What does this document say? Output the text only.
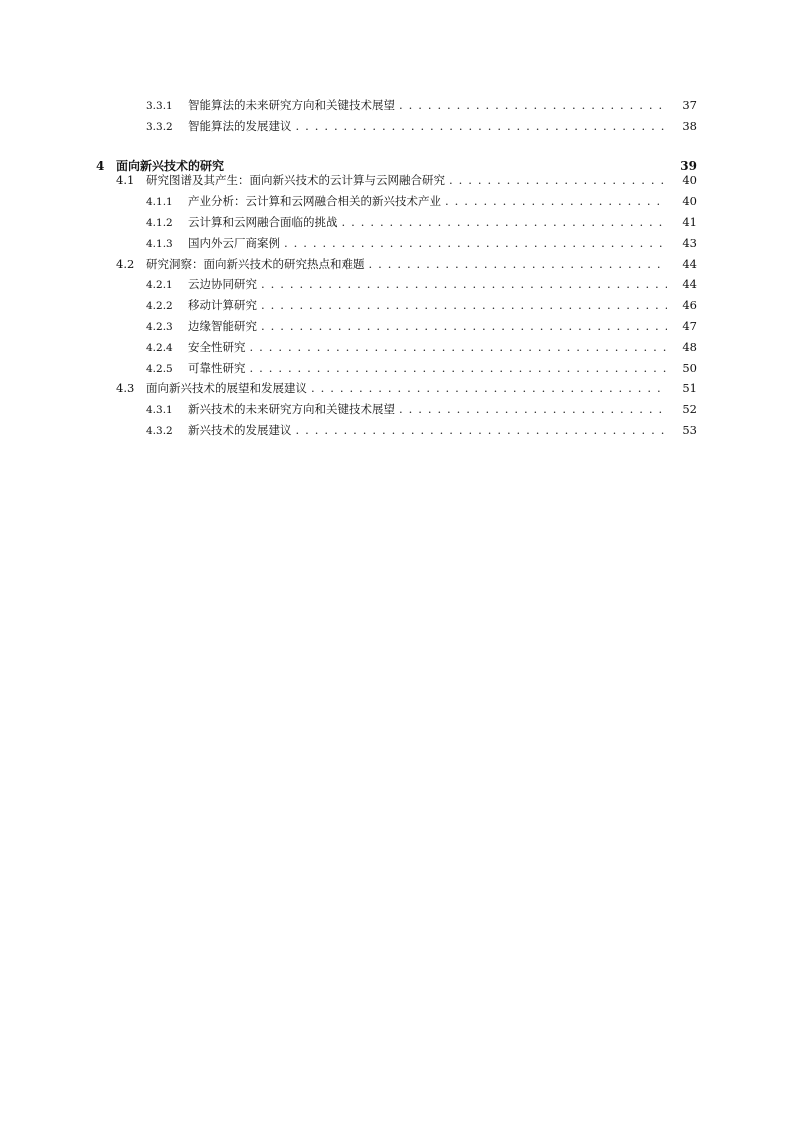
3.3.1	智能算法的未来研究方向和关键技术展望 . . .	37
3.3.2	智能算法的发展建议 . . .	38
4 面向新兴技术的研究	39
4.1	研究图谱及其产生：面向新兴技术的云计算与云网融合研究 . . .	40
4.1.1	产业分析：云计算和云网融合相关的新兴技术产业 . . .	40
4.1.2	云计算和云网融合面临的挑战 . . .	41
4.1.3	国内外云厂商案例 . . .	43
4.2	研究洞察：面向新兴技术的研究热点和难题 . . .	44
4.2.1	云边协同研究 . . .	44
4.2.2	移动计算研究 . . .	46
4.2.3	边缘智能研究 . . .	47
4.2.4	安全性研究 . . .	48
4.2.5	可靠性研究 . . .	50
4.3	面向新兴技术的展望和发展建议 . . .	51
4.3.1	新兴技术的未来研究方向和关键技术展望 . . .	52
4.3.2	新兴技术的发展建议 . . .	53
